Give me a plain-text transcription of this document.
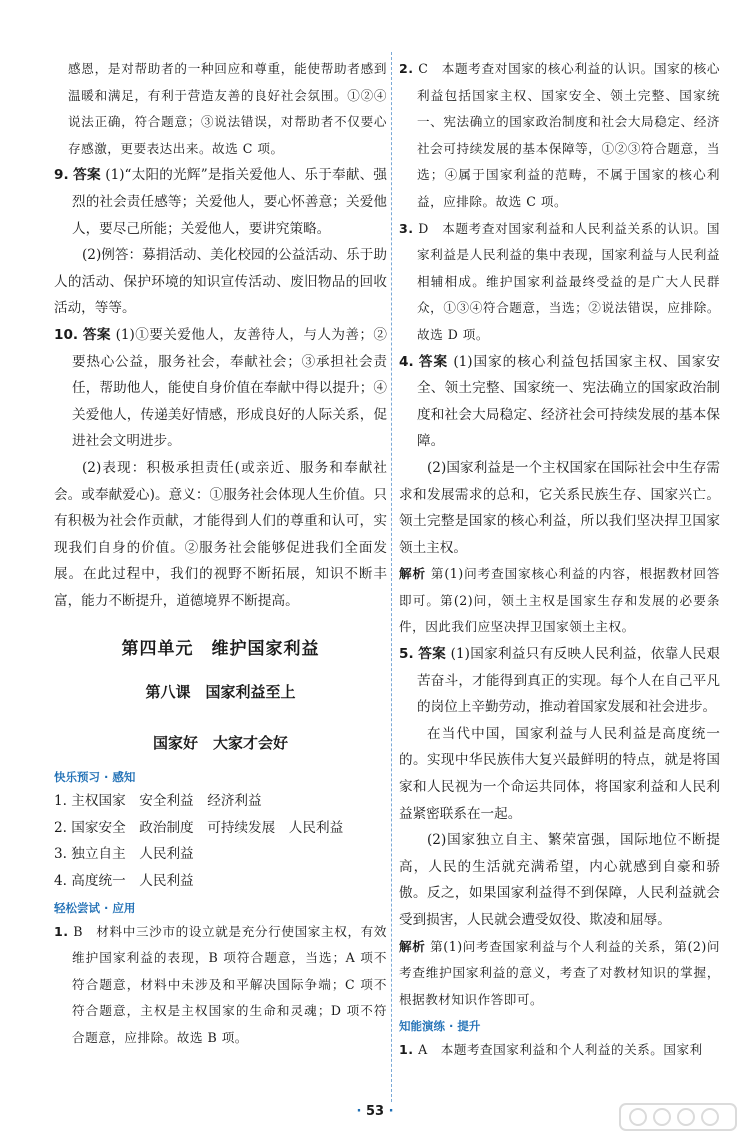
感恩，是对帮助者的一种回应和尊重，能使帮助者感到温暖和满足，有利于营造友善的良好社会氛围。①②④说法正确，符合题意；③说法错误，对帮助者不仅要心存感激，更要表达出来。故选 C 项。

9. 答案 (1)“太阳的光辉”是指关爱他人、乐于奉献、强烈的社会责任感等；关爱他人，要心怀善意；关爱他人，要尽己所能；关爱他人，要讲究策略。

(2)例答：募捐活动、美化校园的公益活动、乐于助人的活动、保护环境的知识宣传活动、废旧物品的回收活动，等等。

10. 答案 (1)①要关爱他人，友善待人，与人为善；②要热心公益，服务社会，奉献社会；③承担社会责任，帮助他人，能使自身价值在奉献中得以提升；④关爱他人，传递美好情感，形成良好的人际关系，促进社会文明进步。

(2)表现：积极承担责任(或亲近、服务和奉献社会。或奉献爱心)。意义：①服务社会体现人生价值。只有积极为社会作贡献，才能得到人们的尊重和认可，实现我们自身的价值。②服务社会能够促进我们全面发展。在此过程中，我们的视野不断拓展，知识不断丰富，能力不断提升，道德境界不断提高。

第四单元　维护国家利益
第八课　国家利益至上
国家好　大家才会好
快乐预习 · 感知

1. 主权国家　安全利益　经济利益

2. 国家安全　政治制度　可持续发展　人民利益

3. 独立自主　人民利益

4. 高度统一　人民利益

轻松尝试 · 应用

1. B　材料中三沙市的设立就是充分行使国家主权，有效维护国家利益的表现，B 项符合题意，当选；A 项不符合题意，材料中未涉及和平解决国际争端；C 项不符合题意，主权是主权国家的生命和灵魂；D 项不符合题意，应排除。故选 B 项。

2. C　本题考查对国家的核心利益的认识。国家的核心利益包括国家主权、国家安全、领土完整、国家统一、宪法确立的国家政治制度和社会大局稳定、经济社会可持续发展的基本保障等，①②③符合题意，当选；④属于国家利益的范畴，不属于国家的核心利益，应排除。故选 C 项。

3. D　本题考查对国家利益和人民利益关系的认识。国家利益是人民利益的集中表现，国家利益与人民利益相辅相成。维护国家利益最终受益的是广大人民群众，①③④符合题意，当选；②说法错误，应排除。故选 D 项。

4. 答案 (1)国家的核心利益包括国家主权、国家安全、领土完整、国家统一、宪法确立的国家政治制度和社会大局稳定、经济社会可持续发展的基本保障。

(2)国家利益是一个主权国家在国际社会中生存需求和发展需求的总和，它关系民族生存、国家兴亡。领土完整是国家的核心利益，所以我们坚决捍卫国家领土主权。

解析 第(1)问考查国家核心利益的内容，根据教材回答即可。第(2)问，领土主权是国家生存和发展的必要条件，因此我们应坚决捍卫国家领土主权。

5. 答案 (1)国家利益只有反映人民利益，依靠人民艰苦奋斗，才能得到真正的实现。每个人在自己平凡的岗位上辛勤劳动，推动着国家发展和社会进步。

在当代中国，国家利益与人民利益是高度统一的。实现中华民族伟大复兴最鲜明的特点，就是将国家和人民视为一个命运共同体，将国家利益和人民利益紧密联系在一起。

(2)国家独立自主、繁荣富强，国际地位不断提高，人民的生活就充满希望，内心就感到自豪和骄傲。反之，如果国家利益得不到保障，人民利益就会受到损害，人民就会遭受奴役、欺凌和屈辱。

解析 第(1)问考查国家利益与个人利益的关系，第(2)问考查维护国家利益的意义，考查了对教材知识的掌握，根据教材知识作答即可。

知能演练 · 提升

1. A　本题考查国家利益和个人利益的关系。国家利

· 53 ·
